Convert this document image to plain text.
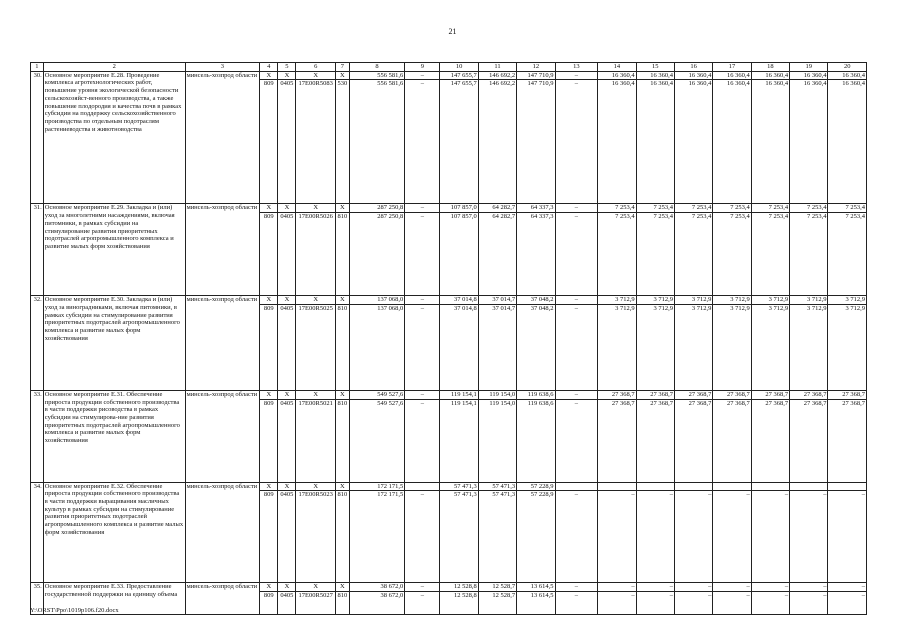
21
1	2	3	4	5	6	7	8	9	10	11	12	13	14	15	16	17	18	19	20
30.	Основное мероприятие Е.28. Проведение комплекса агротехнологических работ, повышение уровня экологической безопасности сельскохозяйст-венного производства, а также повышение плодородия и качества почв в рамках субсидии на поддержку сельскохозяйственного производства по отдельным подотраслям растениеводства и животноводства	минсель-хозпрод области	X	X	X	X	556 581,6	–	147 655,7	146 692,2	147 710,9	–	16 360,4	16 360,4	16 360,4	16 360,4	16 360,4	16 360,4	16 360,4
			809	0405	17Е00R5083	530	556 581,6	–	147 655,7	146 692,2	147 710,9	–	16 360,4	16 360,4	16 360,4	16 360,4	16 360,4	16 360,4	16 360,4
31.	Основное мероприятие Е.29. Закладка и (или) уход за многолетними насаждениями, включая питомники, в рамках субсидии на стимулирование развития приоритетных подотраслей агропромышленного комплекса и развитие малых форм хозяйствования	минсель-хозпрод области	X	X	X	X	287 250,8	–	107 857,0	64 282,7	64 337,3	–	7 253,4	7 253,4	7 253,4	7 253,4	7 253,4	7 253,4	7 253,4
			809	0405	17Е00R5026	810	287 250,8	–	107 857,0	64 282,7	64 337,3	–	7 253,4	7 253,4	7 253,4	7 253,4	7 253,4	7 253,4	7 253,4
32.	Основное мероприятие Е.30. Закладка и (или) уход за виноградниками, включая питомники, в рамках субсидии на стимулирование развития приоритетных подотраслей агропромышленного комплекса и развитие малых форм хозяйствования	минсель-хозпрод области	X	X	X	X	137 068,0	–	37 014,8	37 014,7	37 048,2	–	3 712,9	3 712,9	3 712,9	3 712,9	3 712,9	3 712,9	3 712,9
			809	0405	17Е00R5025	810	137 068,0	–	37 014,8	37 014,7	37 048,2	–	3 712,9	3 712,9	3 712,9	3 712,9	3 712,9	3 712,9	3 712,9
33.	Основное мероприятие Е.31. Обеспечение прироста продукции собственного производства в части поддержки рисоводства в рамках субсидии на стимулирова-ние развития приоритетных подотраслей агропромышленного комплекса и развитие малых форм хозяйствования	минсель-хозпрод области	X	X	X	X	549 527,6	–	119 154,1	119 154,0	119 638,6	–	27 368,7	27 368,7	27 368,7	27 368,7	27 368,7	27 368,7	27 368,7
			809	0405	17Е00R5021	810	549 527,6	–	119 154,1	119 154,0	119 638,6	–	27 368,7	27 368,7	27 368,7	27 368,7	27 368,7	27 368,7	27 368,7
34.	Основное мероприятие Е.32. Обеспечение прироста продукции собственного производства в части поддержки выращивания масличных культур в рамках субсидии на стимулирование развития приоритетных подотраслей агропромышленного комплекса и развитие малых форм хозяйствования	минсель-хозпрод области	X	X	X	X	172 171,5		57 471,3	57 471,3	57 228,9								
			809	0405	17Е00R5023	810	172 171,5	–	57 471,3	57 471,3	57 228,9	–	–	–	–	–	–	–	–
35.	Основное мероприятие Е.33. Предоставление государственной поддержки на единицу объема	минсель-хозпрод области	X	X	X	X	38 672,0	–	12 528,8	12 528,7	13 614,5	–	–	–	–	–	–	–	–
			809	0405	17Е00R5027	810	38 672,0	–	12 528,8	12 528,7	13 614,5	–	–	–	–	–	–	–	–
Y:\ORST\Ppo\1019p106.f20.docx
